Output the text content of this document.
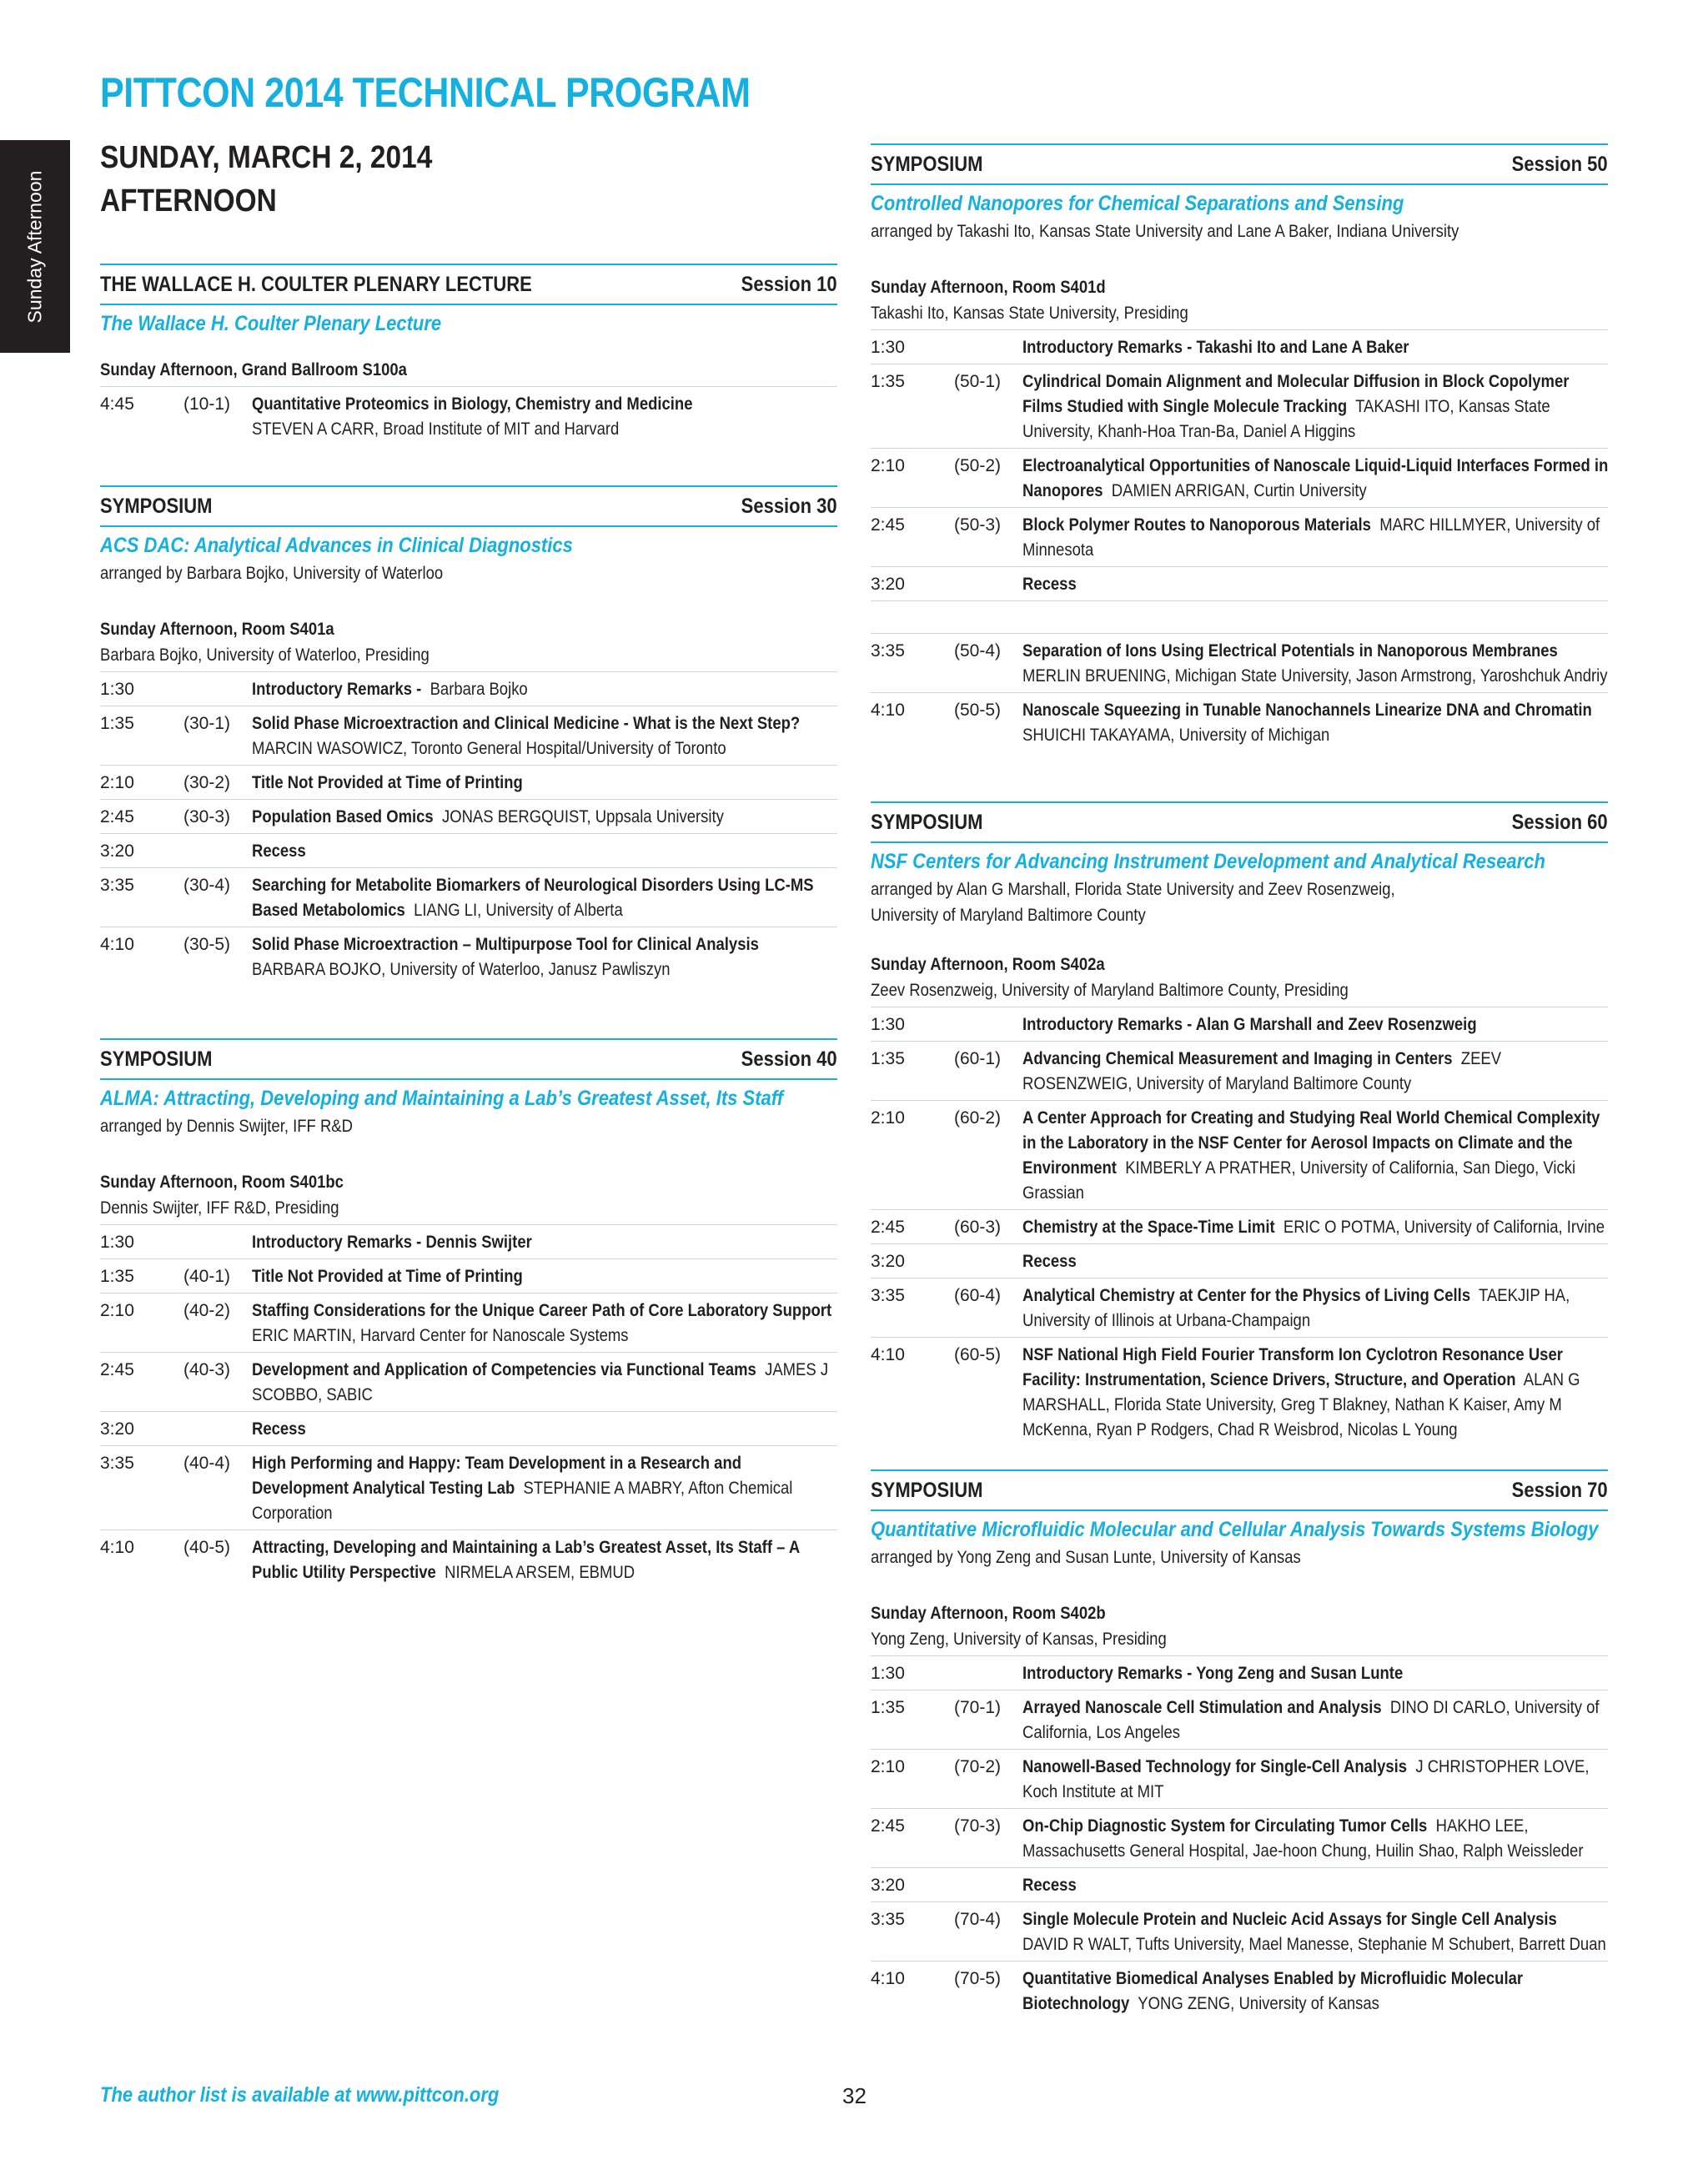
PITTCON 2014 TECHNICAL PROGRAM
Sunday Afternoon
SUNDAY, MARCH 2, 2014
AFTERNOON
THE WALLACE H. COULTER PLENARY LECTURE	Session 10
The Wallace H. Coulter Plenary Lecture
Sunday Afternoon, Grand Ballroom S100a
4:45	(10-1)	Quantitative Proteomics in Biology, Chemistry and Medicine
STEVEN A CARR, Broad Institute of MIT and Harvard
SYMPOSIUM	Session 30
ACS DAC: Analytical Advances in Clinical Diagnostics
arranged by Barbara Bojko, University of Waterloo
Sunday Afternoon, Room S401a
Barbara Bojko, University of Waterloo, Presiding
1:30	Introductory Remarks - Barbara Bojko
1:35	(30-1)	Solid Phase Microextraction and Clinical Medicine - What is the Next Step?
MARCIN WASOWICZ, Toronto General Hospital/University of Toronto
2:10	(30-2)	Title Not Provided at Time of Printing
2:45	(30-3)	Population Based Omics JONAS BERGQUIST, Uppsala University
3:20	Recess
3:35	(30-4)	Searching for Metabolite Biomarkers of Neurological Disorders Using LC-MS Based Metabolomics LIANG LI, University of Alberta
4:10	(30-5)	Solid Phase Microextraction – Multipurpose Tool for Clinical Analysis  BARBARA BOJKO, University of Waterloo, Janusz Pawliszyn
SYMPOSIUM	Session 40
ALMA: Attracting, Developing and Maintaining a Lab’s Greatest Asset, Its Staff
arranged by Dennis Swijter, IFF R&D
Sunday Afternoon, Room S401bc
Dennis Swijter, IFF R&D, Presiding
1:30	Introductory Remarks - Dennis Swijter
1:35	(40-1)	Title Not Provided at Time of Printing
2:10	(40-2)	Staffing Considerations for the Unique Career Path of Core Laboratory Support
ERIC MARTIN, Harvard Center for Nanoscale Systems
2:45	(40-3)	Development and Application of Competencies via Functional Teams JAMES J SCOBBO, SABIC
3:20	Recess
3:35	(40-4)	High Performing and Happy: Team Development in a Research and Development Analytical Testing Lab STEPHANIE A MABRY, Afton Chemical Corporation
4:10	(40-5)	Attracting, Developing and Maintaining a Lab’s Greatest Asset, Its Staff – A Public Utility Perspective NIRMELA ARSEM, EBMUD
SYMPOSIUM	Session 50
Controlled Nanopores for Chemical Separations and Sensing
arranged by Takashi Ito, Kansas State University and Lane A Baker, Indiana University
Sunday Afternoon, Room S401d
Takashi Ito, Kansas State University, Presiding
1:30	Introductory Remarks - Takashi Ito and Lane A Baker
1:35	(50-1)	Cylindrical Domain Alignment and Molecular Diffusion in Block Copolymer Films Studied with Single Molecule Tracking TAKASHI ITO, Kansas State University, Khanh-Hoa Tran-Ba, Daniel A Higgins
2:10	(50-2)	Electroanalytical Opportunities of Nanoscale Liquid-Liquid Interfaces Formed in Nanopores DAMIEN ARRIGAN, Curtin University
2:45	(50-3)	Block Polymer Routes to Nanoporous Materials MARC HILLMYER, University of Minnesota
3:20	Recess
3:35	(50-4)	Separation of Ions Using Electrical Potentials in Nanoporous Membranes
MERLIN BRUENING, Michigan State University, Jason Armstrong, Yaroshchuk Andriy
4:10	(50-5)	Nanoscale Squeezing in Tunable Nanochannels Linearize DNA and Chromatin
SHUICHI TAKAYAMA, University of Michigan
SYMPOSIUM	Session 60
NSF Centers for Advancing Instrument Development and Analytical Research
arranged by Alan G Marshall, Florida State University and Zeev Rosenzweig,
University of Maryland Baltimore County
Sunday Afternoon, Room S402a
Zeev Rosenzweig, University of Maryland Baltimore County, Presiding
1:30	Introductory Remarks - Alan G Marshall and Zeev Rosenzweig
1:35	(60-1)	Advancing Chemical Measurement and Imaging in Centers ZEEV ROSENZWEIG, University of Maryland Baltimore County
2:10	(60-2)	A Center Approach for Creating and Studying Real World Chemical Complexity in the Laboratory in the NSF Center for Aerosol Impacts on Climate and the Environment KIMBERLY A PRATHER, University of California, San Diego, Vicki Grassian
2:45	(60-3)	Chemistry at the Space-Time Limit ERIC O POTMA, University of California, Irvine
3:20	Recess
3:35	(60-4)	Analytical Chemistry at Center for the Physics of Living Cells TAEKJIP HA, University of Illinois at Urbana-Champaign
4:10	(60-5)	NSF National High Field Fourier Transform Ion Cyclotron Resonance User Facility: Instrumentation, Science Drivers, Structure, and Operation ALAN G MARSHALL, Florida State University, Greg T Blakney, Nathan K Kaiser, Amy M McKenna, Ryan P Rodgers, Chad R Weisbrod, Nicolas L Young
SYMPOSIUM	Session 70
Quantitative Microfluidic Molecular and Cellular Analysis Towards Systems Biology
arranged by Yong Zeng and Susan Lunte, University of Kansas
Sunday Afternoon, Room S402b
Yong Zeng, University of Kansas, Presiding
1:30	Introductory Remarks - Yong Zeng and Susan Lunte
1:35	(70-1)	Arrayed Nanoscale Cell Stimulation and Analysis DINO DI CARLO, University of California, Los Angeles
2:10	(70-2)	Nanowell-Based Technology for Single-Cell Analysis J CHRISTOPHER LOVE, Koch Institute at MIT
2:45	(70-3)	On-Chip Diagnostic System for Circulating Tumor Cells HAKHO LEE, Massachusetts General Hospital, Jae-hoon Chung, Huilin Shao, Ralph Weissleder
3:20	Recess
3:35	(70-4)	Single Molecule Protein and Nucleic Acid Assays for Single Cell Analysis  DAVID R WALT, Tufts University, Mael Manesse, Stephanie M Schubert, Barrett Duan
4:10	(70-5)	Quantitative Biomedical Analyses Enabled by Microfluidic Molecular Biotechnology YONG ZENG, University of Kansas
The author list is available at www.pittcon.org	32
